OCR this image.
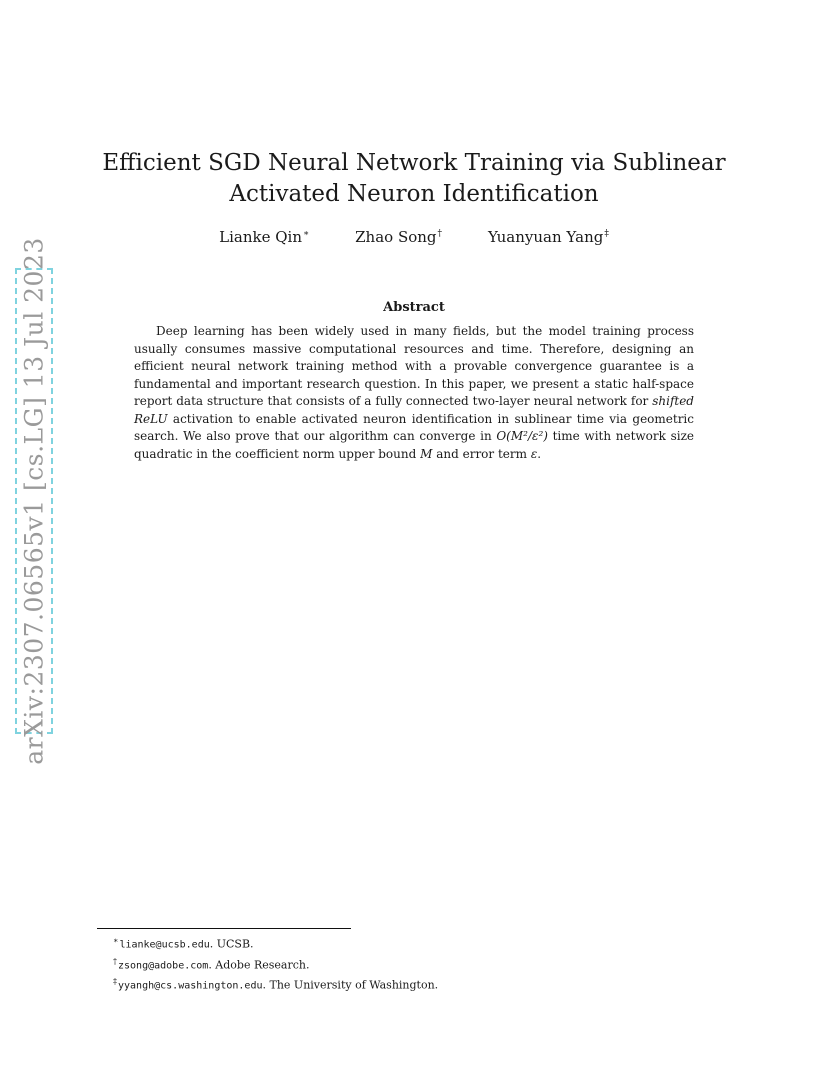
arXiv:2307.06565v1 [cs.LG] 13 Jul 2023
Efficient SGD Neural Network Training via Sublinear Activated Neuron Identification
Lianke Qin∗	Zhao Song†	Yuanyuan Yang‡
Abstract

Deep learning has been widely used in many fields, but the model training process usually consumes massive computational resources and time. Therefore, designing an efficient neural network training method with a provable convergence guarantee is a fundamental and important research question. In this paper, we present a static half-space report data structure that consists of a fully connected two-layer neural network for shifted ReLU activation to enable activated neuron identification in sublinear time via geometric search. We also prove that our algorithm can converge in O(M²/ε²) time with network size quadratic in the coefficient norm upper bound M and error term ε.

∗lianke@ucsb.edu. UCSB.
†zsong@adobe.com. Adobe Research.
‡yyangh@cs.washington.edu. The University of Washington.
